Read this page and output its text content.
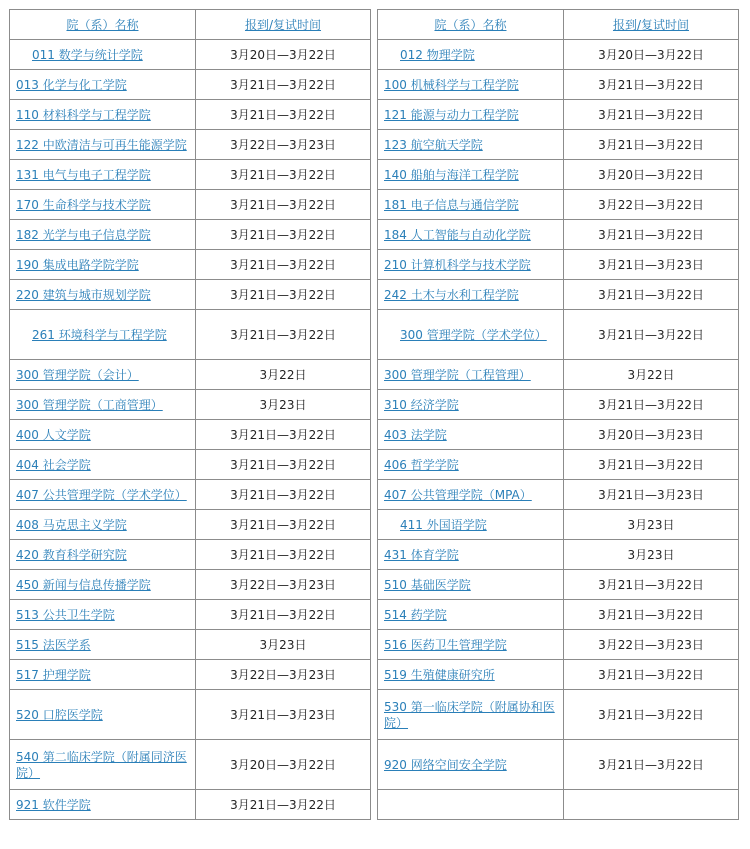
院（系）名称	报到/复试时间
011 数学与统计学院	3月20日—3月22日
013 化学与化工学院	3月21日—3月22日
110 材料科学与工程学院	3月21日—3月22日
122 中欧清洁与可再生能源学院	3月22日—3月23日
131 电气与电子工程学院	3月21日—3月22日
170 生命科学与技术学院	3月21日—3月22日
182 光学与电子信息学院	3月21日—3月22日
190 集成电路学院学院	3月21日—3月22日
220 建筑与城市规划学院	3月21日—3月22日
261 环境科学与工程学院	3月21日—3月22日
300 管理学院（会计）	3月22日
300 管理学院（工商管理）	3月23日
400 人文学院	3月21日—3月22日
404 社会学院	3月21日—3月22日
407 公共管理学院（学术学位）	3月21日—3月22日
408 马克思主义学院	3月21日—3月22日
420 教育科学研究院	3月21日—3月22日
450 新闻与信息传播学院	3月22日—3月23日
513 公共卫生学院	3月21日—3月22日
515 法医学系	3月23日
517 护理学院	3月22日—3月23日
520 口腔医学院	3月21日—3月23日
540 第二临床学院（附属同济医院）	3月20日—3月22日
921 软件学院	3月21日—3月22日
院（系）名称	报到/复试时间
012 物理学院	3月20日—3月22日
100 机械科学与工程学院	3月21日—3月22日
121 能源与动力工程学院	3月21日—3月22日
123 航空航天学院	3月21日—3月22日
140 船舶与海洋工程学院	3月20日—3月22日
181 电子信息与通信学院	3月22日—3月22日
184 人工智能与自动化学院	3月21日—3月22日
210 计算机科学与技术学院	3月21日—3月23日
242 土木与水利工程学院	3月21日—3月22日
300 管理学院（学术学位）	3月21日—3月22日
300 管理学院（工程管理）	3月22日
310 经济学院	3月21日—3月22日
403 法学院	3月20日—3月23日
406 哲学学院	3月21日—3月22日
407 公共管理学院（MPA）	3月21日—3月23日
411 外国语学院	3月23日
431 体育学院	3月23日
510 基础医学院	3月21日—3月22日
514 药学院	3月21日—3月22日
516 医药卫生管理学院	3月22日—3月23日
519 生殖健康研究所	3月21日—3月22日
530 第一临床学院（附属协和医院）	3月21日—3月22日
920 网络空间安全学院	3月21日—3月22日
